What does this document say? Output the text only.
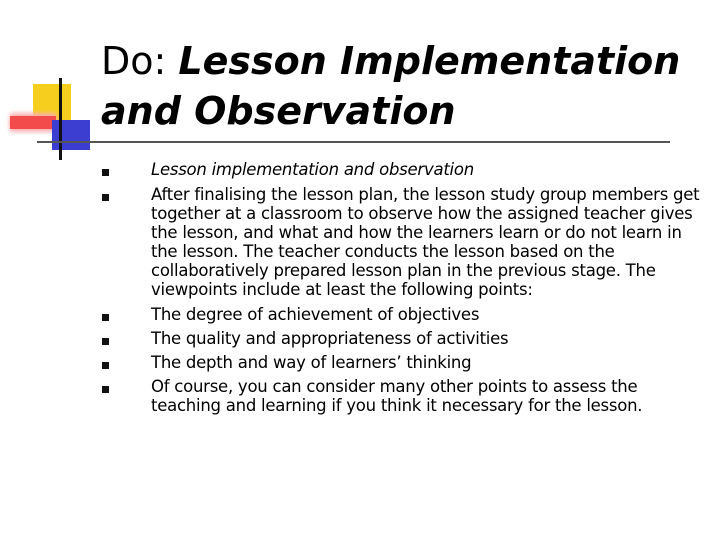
Do: Lesson Implementation
and Observation
Lesson implementation and observation
After finalising the lesson plan, the lesson study group members get together at a classroom to observe how the assigned teacher gives the lesson, and what and how the learners learn or do not learn in the lesson. The teacher conducts the lesson based on the collaboratively prepared lesson plan in the previous stage. The viewpoints include at least the following points:
The degree of achievement of objectives
The quality and appropriateness of activities
The depth and way of learners’ thinking
Of course, you can consider many other points to assess the teaching and learning if you think it necessary for the lesson.
